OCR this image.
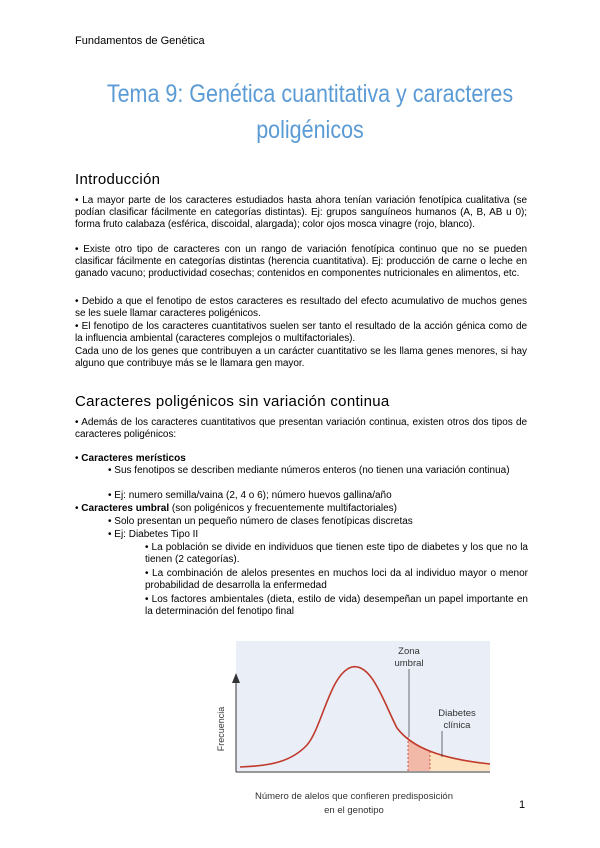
Fundamentos de Genética
Tema 9: Genética cuantitativa y caracteres
poligénicos
Introducción
• La mayor parte de los caracteres estudiados hasta ahora tenían variación fenotípica cualitativa (se podían clasificar fácilmente en categorías distintas). Ej: grupos sanguíneos humanos (A, B, AB u 0); forma fruto calabaza (esférica, discoidal, alargada); color ojos mosca vinagre (rojo, blanco).
• Existe otro tipo de caracteres con un rango de variación fenotípica continuo que no se pueden clasificar fácilmente en categorías distintas (herencia cuantitativa). Ej: producción de carne o leche en ganado vacuno; productividad cosechas; contenidos en componentes nutricionales en alimentos, etc.
• Debido a que el fenotipo de estos caracteres es resultado del efecto acumulativo de muchos genes se les suele llamar caracteres poligénicos.
• El fenotipo de los caracteres cuantitativos suelen ser tanto el resultado de la acción génica como de la influencia ambiental (caracteres complejos o multifactoriales).
Cada uno de los genes que contribuyen a un carácter cuantitativo se les llama genes menores, si hay alguno que contribuye más se le llamara gen mayor.
Caracteres poligénicos sin variación continua
• Además de los caracteres cuantitativos que presentan variación continua, existen otros dos tipos de caracteres poligénicos:
• Caracteres merísticos
• Sus fenotipos se describen mediante números enteros (no tienen una variación continua)
• Ej: numero semilla/vaina (2, 4 o 6); número huevos gallina/año
• Caracteres umbral (son poligénicos y frecuentemente multifactoriales)
• Solo presentan un pequeño número de clases fenotípicas discretas
• Ej: Diabetes Tipo II
• La población se divide en individuos que tienen este tipo de diabetes y los que no la tienen (2 categorías).
• La combinación de alelos presentes en muchos loci da al individuo mayor o menor probabilidad de desarrolla la enfermedad
• Los factores ambientales (dieta, estilo de vida) desempeñan un papel importante en la determinación del fenotipo final
Frecuencia
Zona
umbral
Diabetes
clínica
Número de alelos que confieren predisposición
en el genotipo	1
